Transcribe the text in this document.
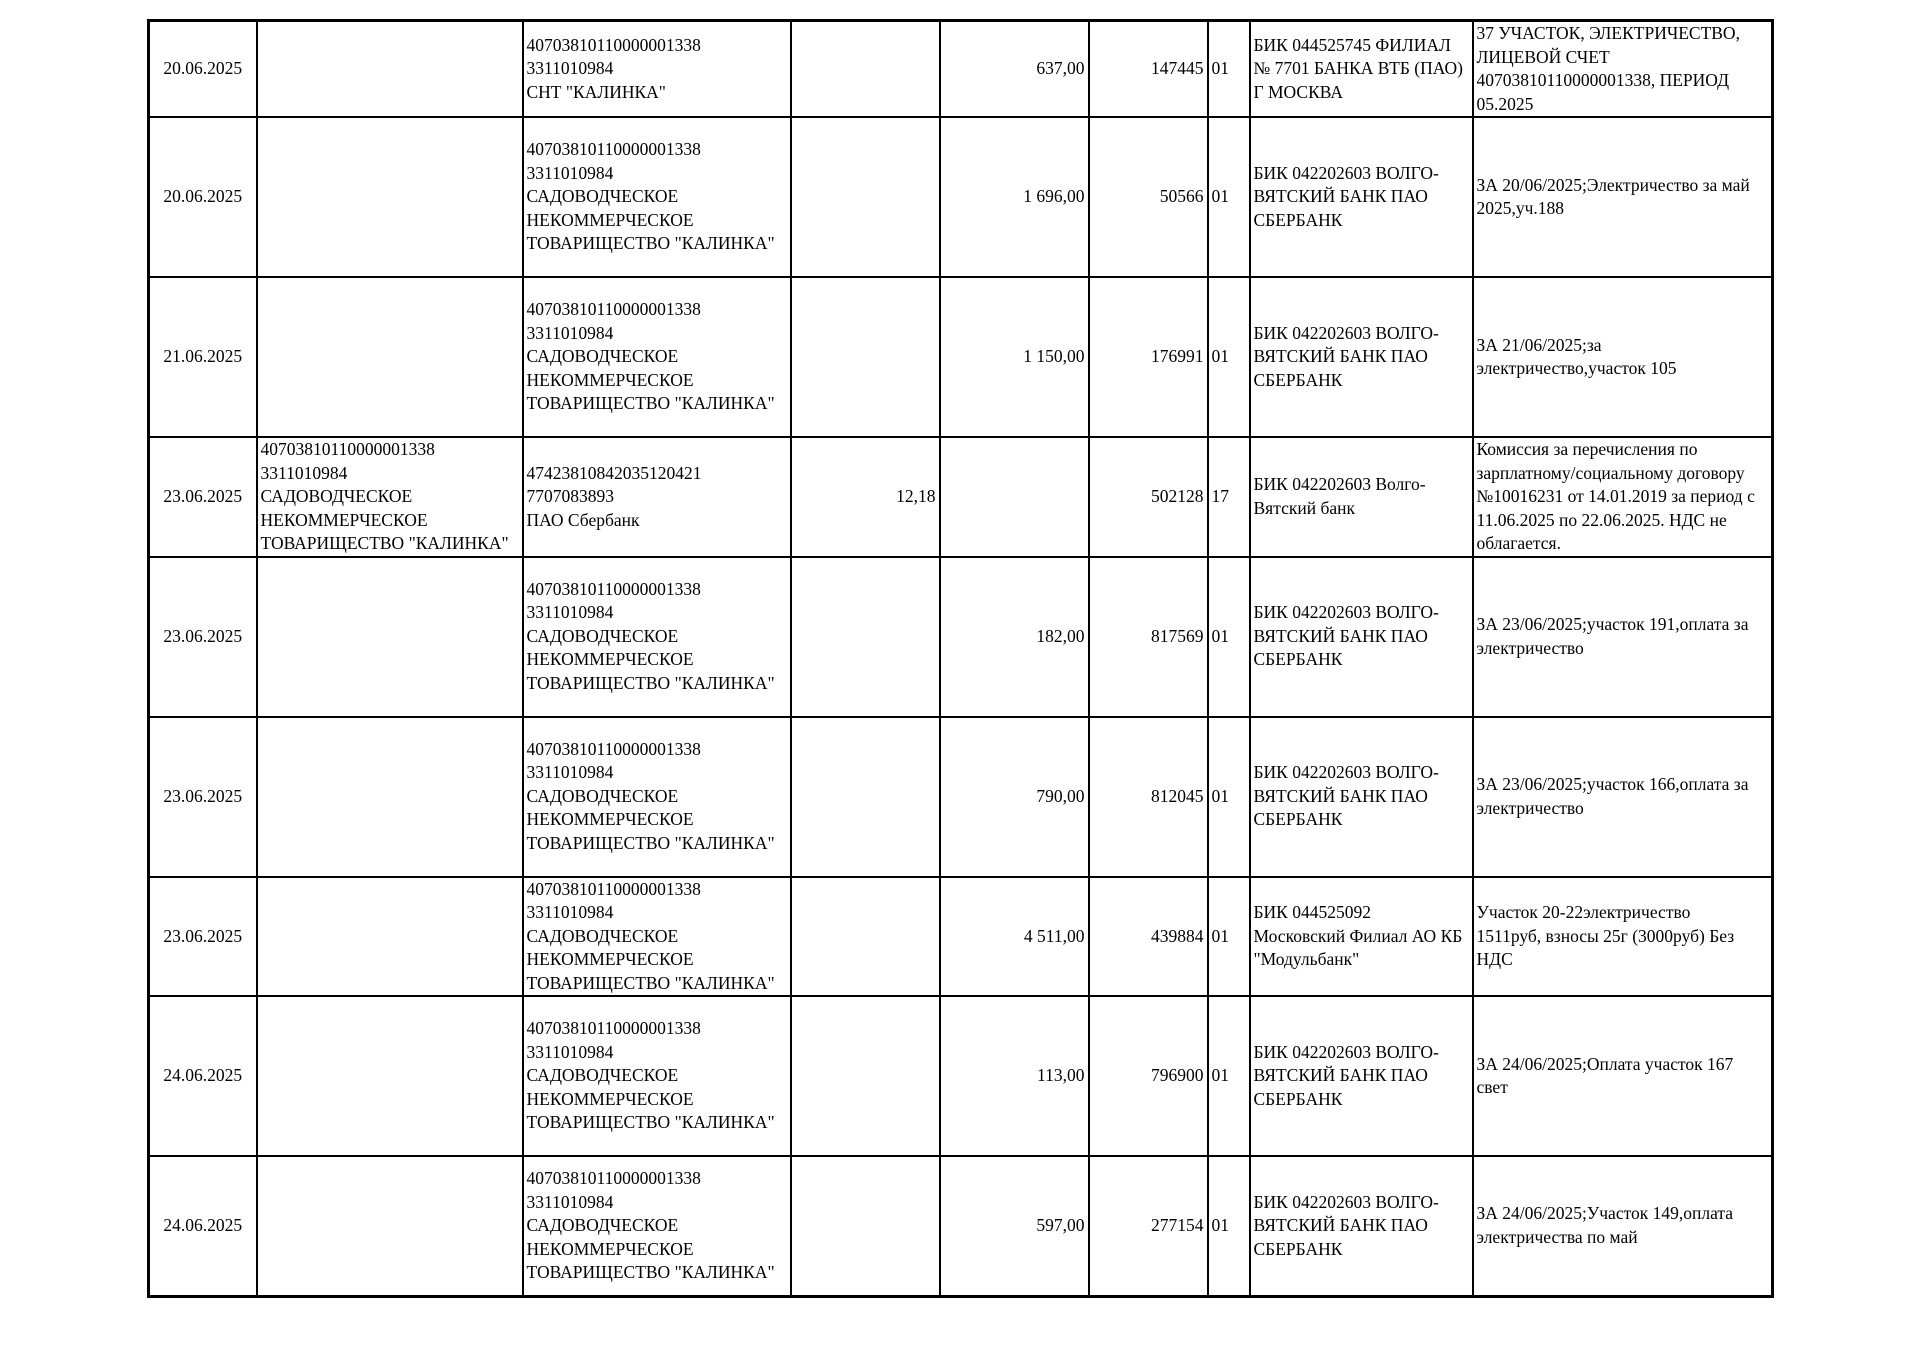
20.06.2025		40703810110000001338
3311010984
СНТ "КАЛИНКА"		637,00	147445	01	БИК 044525745 ФИЛИАЛ
№ 7701 БАНКА ВТБ (ПАО)
Г МОСКВА	37 УЧАСТОК, ЭЛЕКТРИЧЕСТВО,
ЛИЦЕВОЙ СЧЕТ
40703810110000001338, ПЕРИОД
05.2025

20.06.2025		40703810110000001338
3311010984
САДОВОДЧЕСКОЕ
НЕКОММЕРЧЕСКОЕ
ТОВАРИЩЕСТВО "КАЛИНКА"		1 696,00	50566	01	БИК 042202603 ВОЛГО-
ВЯТСКИЙ БАНК ПАО
СБЕРБАНК	ЗА 20/06/2025;Электричество за май
2025,уч.188

21.06.2025		40703810110000001338
3311010984
САДОВОДЧЕСКОЕ
НЕКОММЕРЧЕСКОЕ
ТОВАРИЩЕСТВО "КАЛИНКА"		1 150,00	176991	01	БИК 042202603 ВОЛГО-
ВЯТСКИЙ БАНК ПАО
СБЕРБАНК	ЗА 21/06/2025;за
электричество,участок 105

23.06.2025	40703810110000001338
3311010984
САДОВОДЧЕСКОЕ
НЕКОММЕРЧЕСКОЕ
ТОВАРИЩЕСТВО "КАЛИНКА"	47423810842035120421
7707083893
ПАО Сбербанк	12,18		502128	17	БИК 042202603 Волго-
Вятский банк	Комиссия за перечисления по
зарплатному/социальному договору
№10016231 от 14.01.2019 за период с
11.06.2025 по 22.06.2025. НДС не
облагается.

23.06.2025		40703810110000001338
3311010984
САДОВОДЧЕСКОЕ
НЕКОММЕРЧЕСКОЕ
ТОВАРИЩЕСТВО "КАЛИНКА"		182,00	817569	01	БИК 042202603 ВОЛГО-
ВЯТСКИЙ БАНК ПАО
СБЕРБАНК	ЗА 23/06/2025;участок 191,оплата за
электричество

23.06.2025		40703810110000001338
3311010984
САДОВОДЧЕСКОЕ
НЕКОММЕРЧЕСКОЕ
ТОВАРИЩЕСТВО "КАЛИНКА"		790,00	812045	01	БИК 042202603 ВОЛГО-
ВЯТСКИЙ БАНК ПАО
СБЕРБАНК	ЗА 23/06/2025;участок 166,оплата за
электричество

23.06.2025		40703810110000001338
3311010984
САДОВОДЧЕСКОЕ
НЕКОММЕРЧЕСКОЕ
ТОВАРИЩЕСТВО "КАЛИНКА"		4 511,00	439884	01	БИК 044525092
Московский Филиал АО КБ
"Модульбанк"	Участок 20-22электричество
1511руб, взносы 25г (3000руб) Без
НДС

24.06.2025		40703810110000001338
3311010984
САДОВОДЧЕСКОЕ
НЕКОММЕРЧЕСКОЕ
ТОВАРИЩЕСТВО "КАЛИНКА"		113,00	796900	01	БИК 042202603 ВОЛГО-
ВЯТСКИЙ БАНК ПАО
СБЕРБАНК	ЗА 24/06/2025;Оплата участок 167
свет

24.06.2025		40703810110000001338
3311010984
САДОВОДЧЕСКОЕ
НЕКОММЕРЧЕСКОЕ
ТОВАРИЩЕСТВО "КАЛИНКА"		597,00	277154	01	БИК 042202603 ВОЛГО-
ВЯТСКИЙ БАНК ПАО
СБЕРБАНК	ЗА 24/06/2025;Участок 149,оплата
электричества по май
